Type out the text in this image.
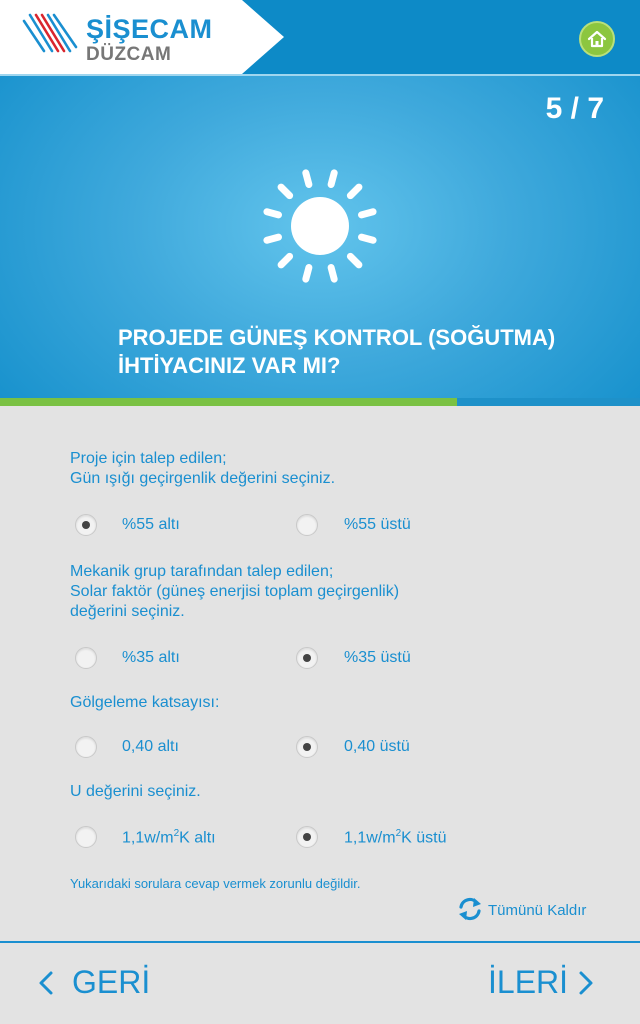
ŞİŞECAM
DÜZCAM
5 / 7
PROJEDE GÜNEŞ KONTROL (SOĞUTMA)
İHTİYACINIZ VAR MI?
Proje için talep edilen;
Gün ışığı geçirgenlik değerini seçiniz.
%55 altı	%55 üstü
Mekanik grup tarafından talep edilen;
Solar faktör (güneş enerjisi toplam geçirgenlik)
değerini seçiniz.
%35 altı	%35 üstü
Gölgeleme katsayısı:
0,40 altı	0,40 üstü
U değerini seçiniz.
$1,1w/m^2K$ altı	$1,1w/m^2K$ üstü
Yukarıdaki sorulara cevap vermek zorunlu değildir.
Tümünü Kaldır
GERİ	İLERİ
